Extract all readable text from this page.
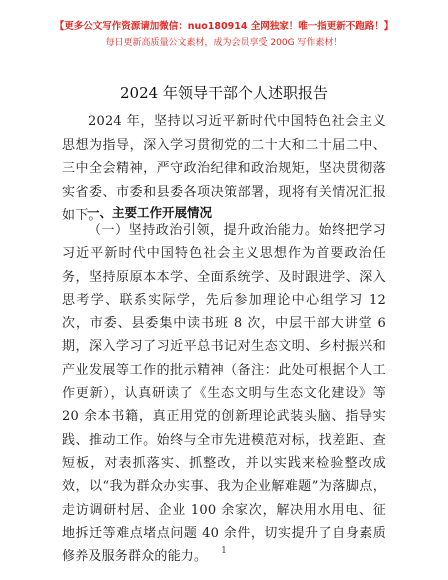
【更多公文写作资源请加微信：nuo180914 全网独家！唯一指更新不跑路！】
每日更新高质量公文素材，成为会员享受 200G 写作素材！
2024 年领导干部个人述职报告

2024 年，坚持以习近平新时代中国特色社会主义思想为指导，深入学习贯彻党的二十大和二十届二中、三中全会精神，严守政治纪律和政治规矩，坚决贯彻落实省委、市委和县委各项决策部署，现将有关情况汇报如下。

一、主要工作开展情况

（一）坚持政治引领，提升政治能力。始终把学习习近平新时代中国特色社会主义思想作为首要政治任务，坚持原原本本学、全面系统学、及时跟进学、深入思考学、联系实际学，先后参加理论中心组学习 12 次，市委、县委集中读书班 8 次，中层干部大讲堂 6 期，深入学习了习近平总书记对生态文明、乡村振兴和产业发展等工作的批示精神（备注：此处可根据个人工作更新），认真研读了《生态文明与生态文化建设》等 20 余本书籍，真正用党的创新理论武装头脑、指导实践、推动工作。始终与全市先进模范对标，找差距、查短板，对表抓落实、抓整改，并以实践来检验整改成效，以“我为群众办实事、我为企业解难题”为落脚点，走访调研村居、企业 100 余家次，解决用水用电、征地拆迁等难点堵点问题 40 余件，切实提升了自身素质修养及服务群众的能力。	1
